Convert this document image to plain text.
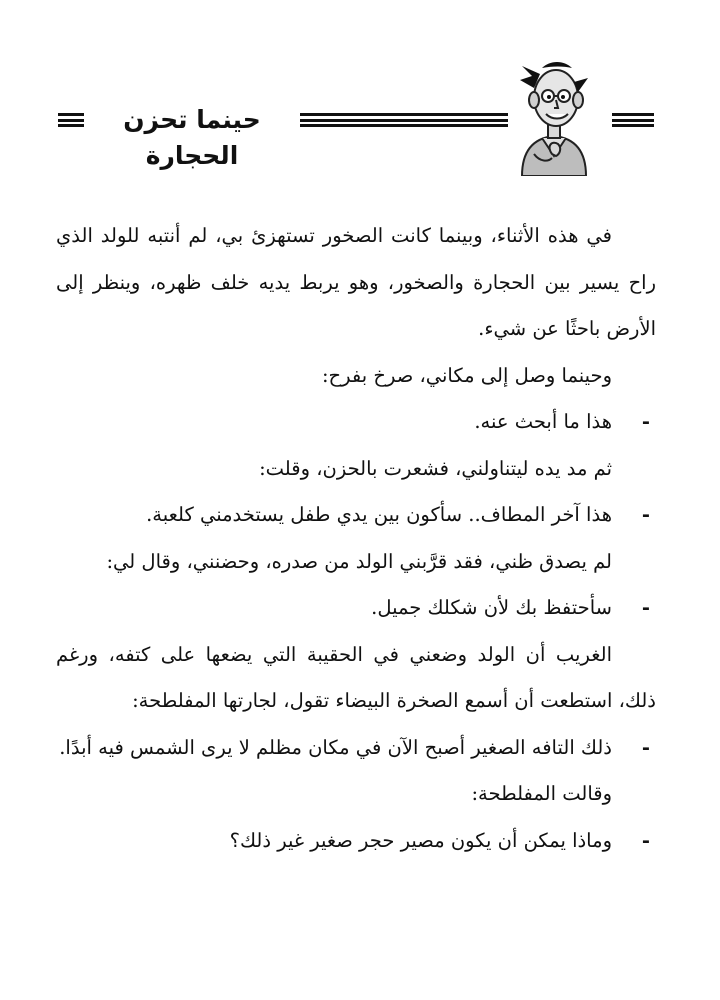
حينما تحزن الحجارة

في هذه الأثناء، وبينما كانت الصخور تستهزئ بي، لم أنتبه للولد الذي راح يسير بين الحجارة والصخور، وهو يربط يديه خلف ظهره، وينظر إلى الأرض باحثًا عن شيء.

وحينما وصل إلى مكاني، صرخ بفرح:

-
هذا ما أبحث عنه.

ثم مد يده ليتناولني، فشعرت بالحزن، وقلت:

-
هذا آخر المطاف.. سأكون بين يدي طفل يستخدمني كلعبة.

لم يصدق ظني، فقد قرَّبني الولد من صدره، وحضنني، وقال لي:

-
سأحتفظ بك لأن شكلك جميل.

الغريب أن الولد وضعني في الحقيبة التي يضعها على كتفه، ورغم ذلك، استطعت أن أسمع الصخرة البيضاء تقول، لجارتها المفلطحة:

-
ذلك التافه الصغير أصبح الآن في مكان مظلم لا يرى الشمس فيه أبدًا.

وقالت المفلطحة:

-
وماذا يمكن أن يكون مصير حجر صغير غير ذلك؟
